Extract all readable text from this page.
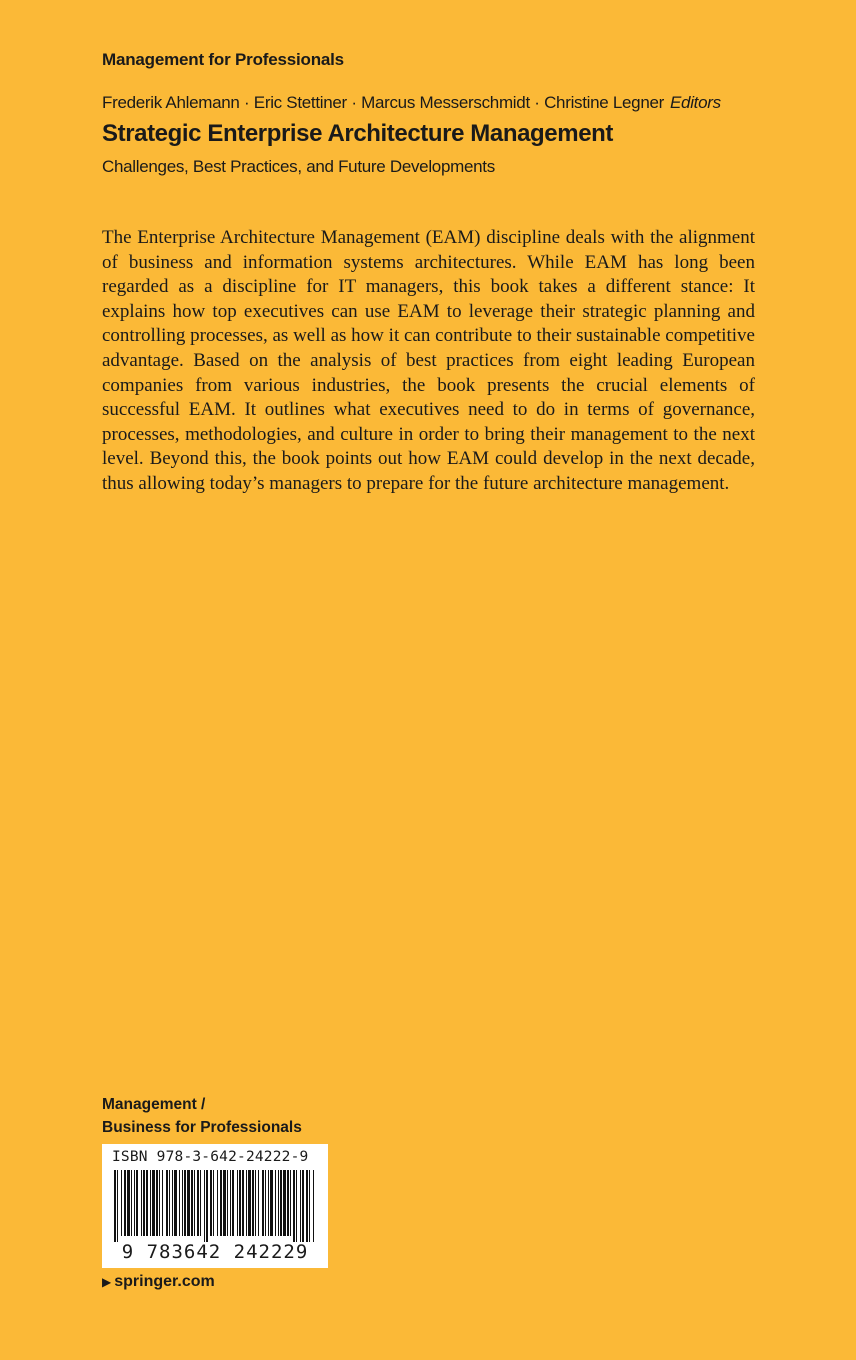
Management for Professionals
Frederik Ahlemann · Eric Stettiner · Marcus Messerschmidt · Christine Legner Editors
Strategic Enterprise Architecture Management
Challenges, Best Practices, and Future Developments

The Enterprise Architecture Management (EAM) discipline deals with the alignment of business and information systems architectures. While EAM has long been regarded as a discipline for IT managers, this book takes a different stance: It explains how top executives can use EAM to leverage their strategic planning and controlling processes, as well as how it can contribute to their sustainable competitive advantage. Based on the analysis of best practices from eight leading European companies from various industries, the book presents the crucial elements of successful EAM. It outlines what executives need to do in terms of governance, processes, methodologies, and culture in order to bring their management to the next level. Beyond this, the book points out how EAM could develop in the next decade, thus allowing today’s managers to prepare for the future architecture management.

Management /
Business for Professionals
ISBN 978-3-642-24222-9
9 783642 242229
▶ springer.com
